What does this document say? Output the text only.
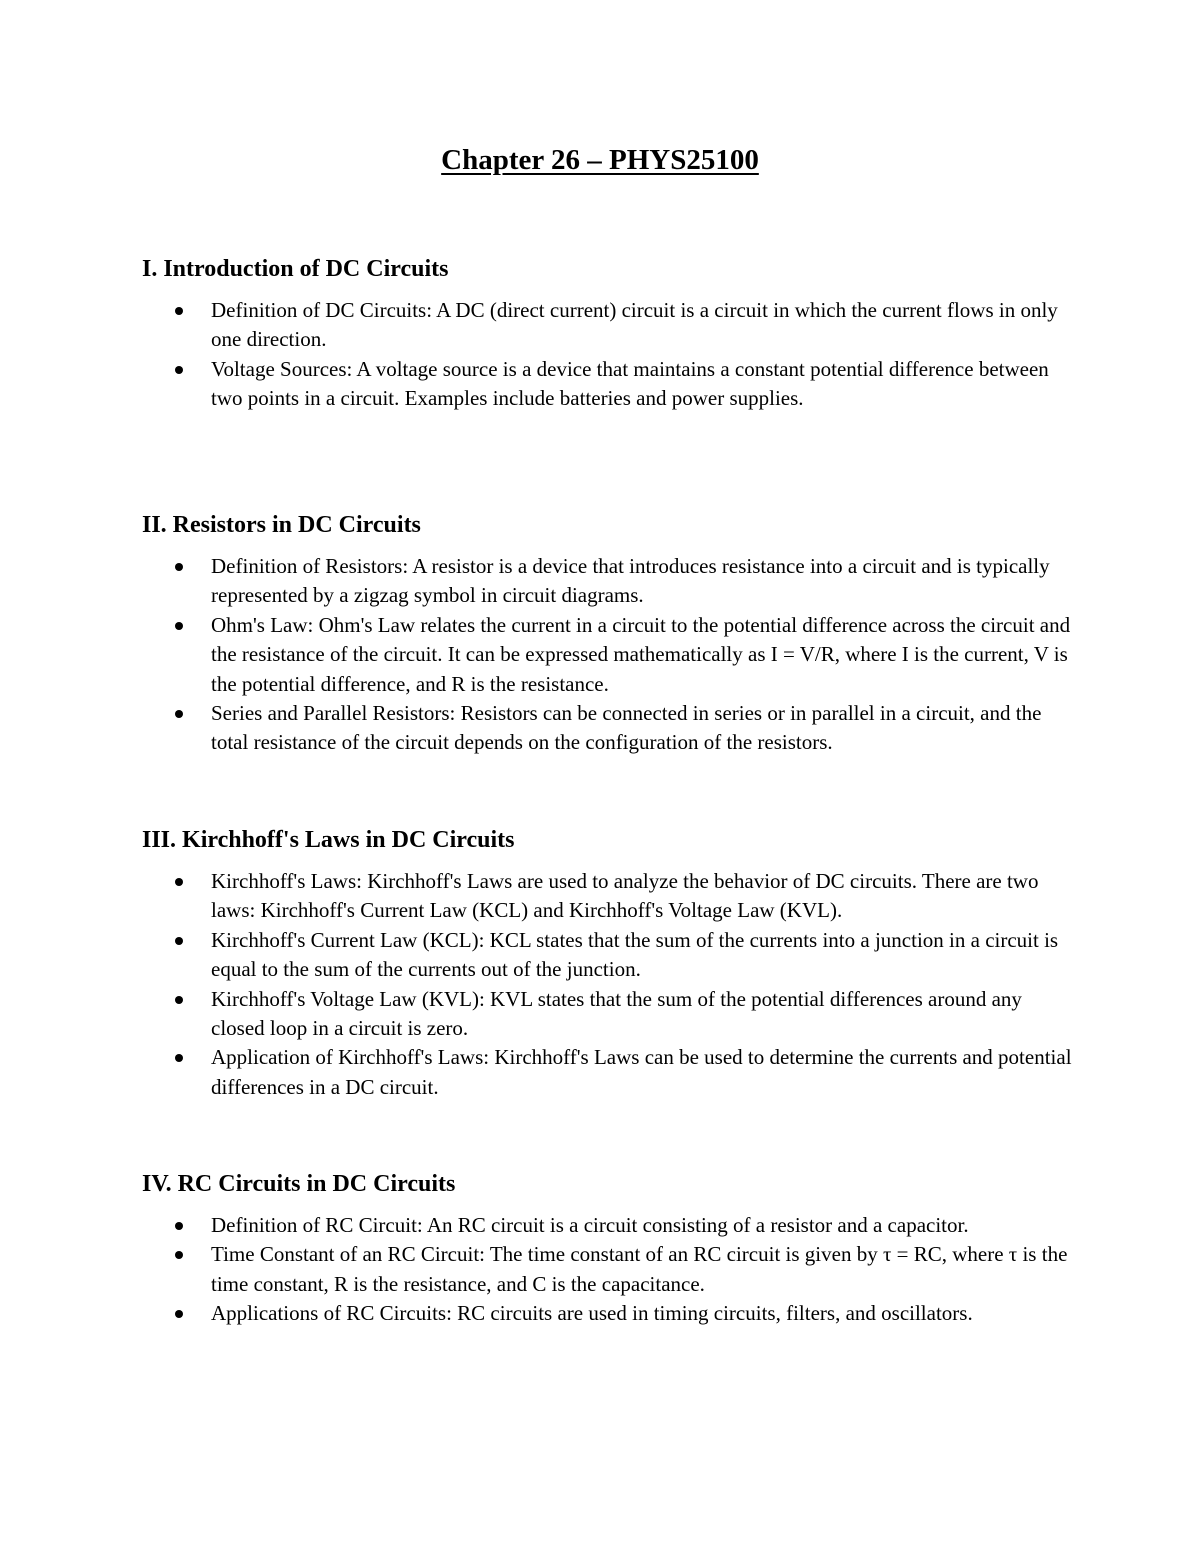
Chapter 26 – PHYS25100
I. Introduction of DC Circuits
Definition of DC Circuits: A DC (direct current) circuit is a circuit in which the current flows in only one direction.
Voltage Sources: A voltage source is a device that maintains a constant potential difference between two points in a circuit. Examples include batteries and power supplies.
II. Resistors in DC Circuits
Definition of Resistors: A resistor is a device that introduces resistance into a circuit and is typically represented by a zigzag symbol in circuit diagrams.
Ohm's Law: Ohm's Law relates the current in a circuit to the potential difference across the circuit and the resistance of the circuit. It can be expressed mathematically as I = V/R, where I is the current, V is the potential difference, and R is the resistance.
Series and Parallel Resistors: Resistors can be connected in series or in parallel in a circuit, and the total resistance of the circuit depends on the configuration of the resistors.
III. Kirchhoff's Laws in DC Circuits
Kirchhoff's Laws: Kirchhoff's Laws are used to analyze the behavior of DC circuits. There are two laws: Kirchhoff's Current Law (KCL) and Kirchhoff's Voltage Law (KVL).
Kirchhoff's Current Law (KCL): KCL states that the sum of the currents into a junction in a circuit is equal to the sum of the currents out of the junction.
Kirchhoff's Voltage Law (KVL): KVL states that the sum of the potential differences around any closed loop in a circuit is zero.
Application of Kirchhoff's Laws: Kirchhoff's Laws can be used to determine the currents and potential differences in a DC circuit.
IV. RC Circuits in DC Circuits
Definition of RC Circuit: An RC circuit is a circuit consisting of a resistor and a capacitor.
Time Constant of an RC Circuit: The time constant of an RC circuit is given by τ = RC, where τ is the time constant, R is the resistance, and C is the capacitance.
Applications of RC Circuits: RC circuits are used in timing circuits, filters, and oscillators.
